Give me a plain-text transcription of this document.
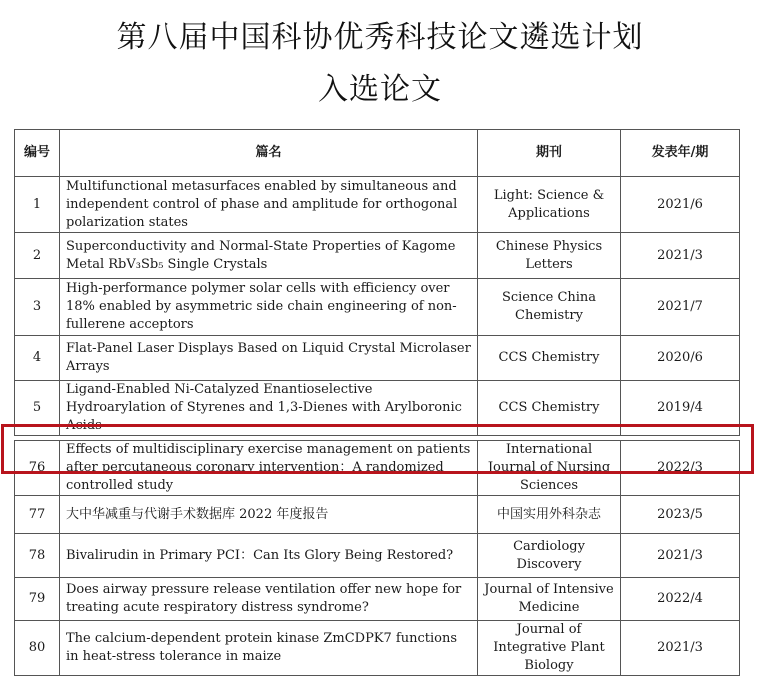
第八届中国科协优秀科技论文遴选计划
入选论文
编号	篇名	期刊	发表年/期
1	Multifunctional metasurfaces enabled by simultaneous and independent control of phase and amplitude for orthogonal polarization states	Light: Science & Applications	2021/6
2	Superconductivity and Normal-State Properties of Kagome Metal RbV₃Sb₅ Single Crystals	Chinese Physics Letters	2021/3
3	High-performance polymer solar cells with efficiency over 18% enabled by asymmetric side chain engineering of non-fullerene acceptors	Science China Chemistry	2021/7
4	Flat-Panel Laser Displays Based on Liquid Crystal Microlaser Arrays	CCS Chemistry	2020/6
5	Ligand-Enabled Ni-Catalyzed Enantioselective Hydroarylation of Styrenes and 1,3-Dienes with Arylboronic Acids	CCS Chemistry	2019/4

76	Effects of multidisciplinary exercise management on patients after percutaneous coronary intervention：A randomized controlled study	International Journal of Nursing Sciences	2022/3
77	大中华减重与代谢手术数据库 2022 年度报告	中国实用外科杂志	2023/5
78	Bivalirudin in Primary PCI：Can Its Glory Being Restored?	Cardiology Discovery	2021/3
79	Does airway pressure release ventilation offer new hope for treating acute respiratory distress syndrome?	Journal of Intensive Medicine	2022/4
80	The calcium-dependent protein kinase ZmCDPK7 functions in heat-stress tolerance in maize	Journal of Integrative Plant Biology	2021/3
